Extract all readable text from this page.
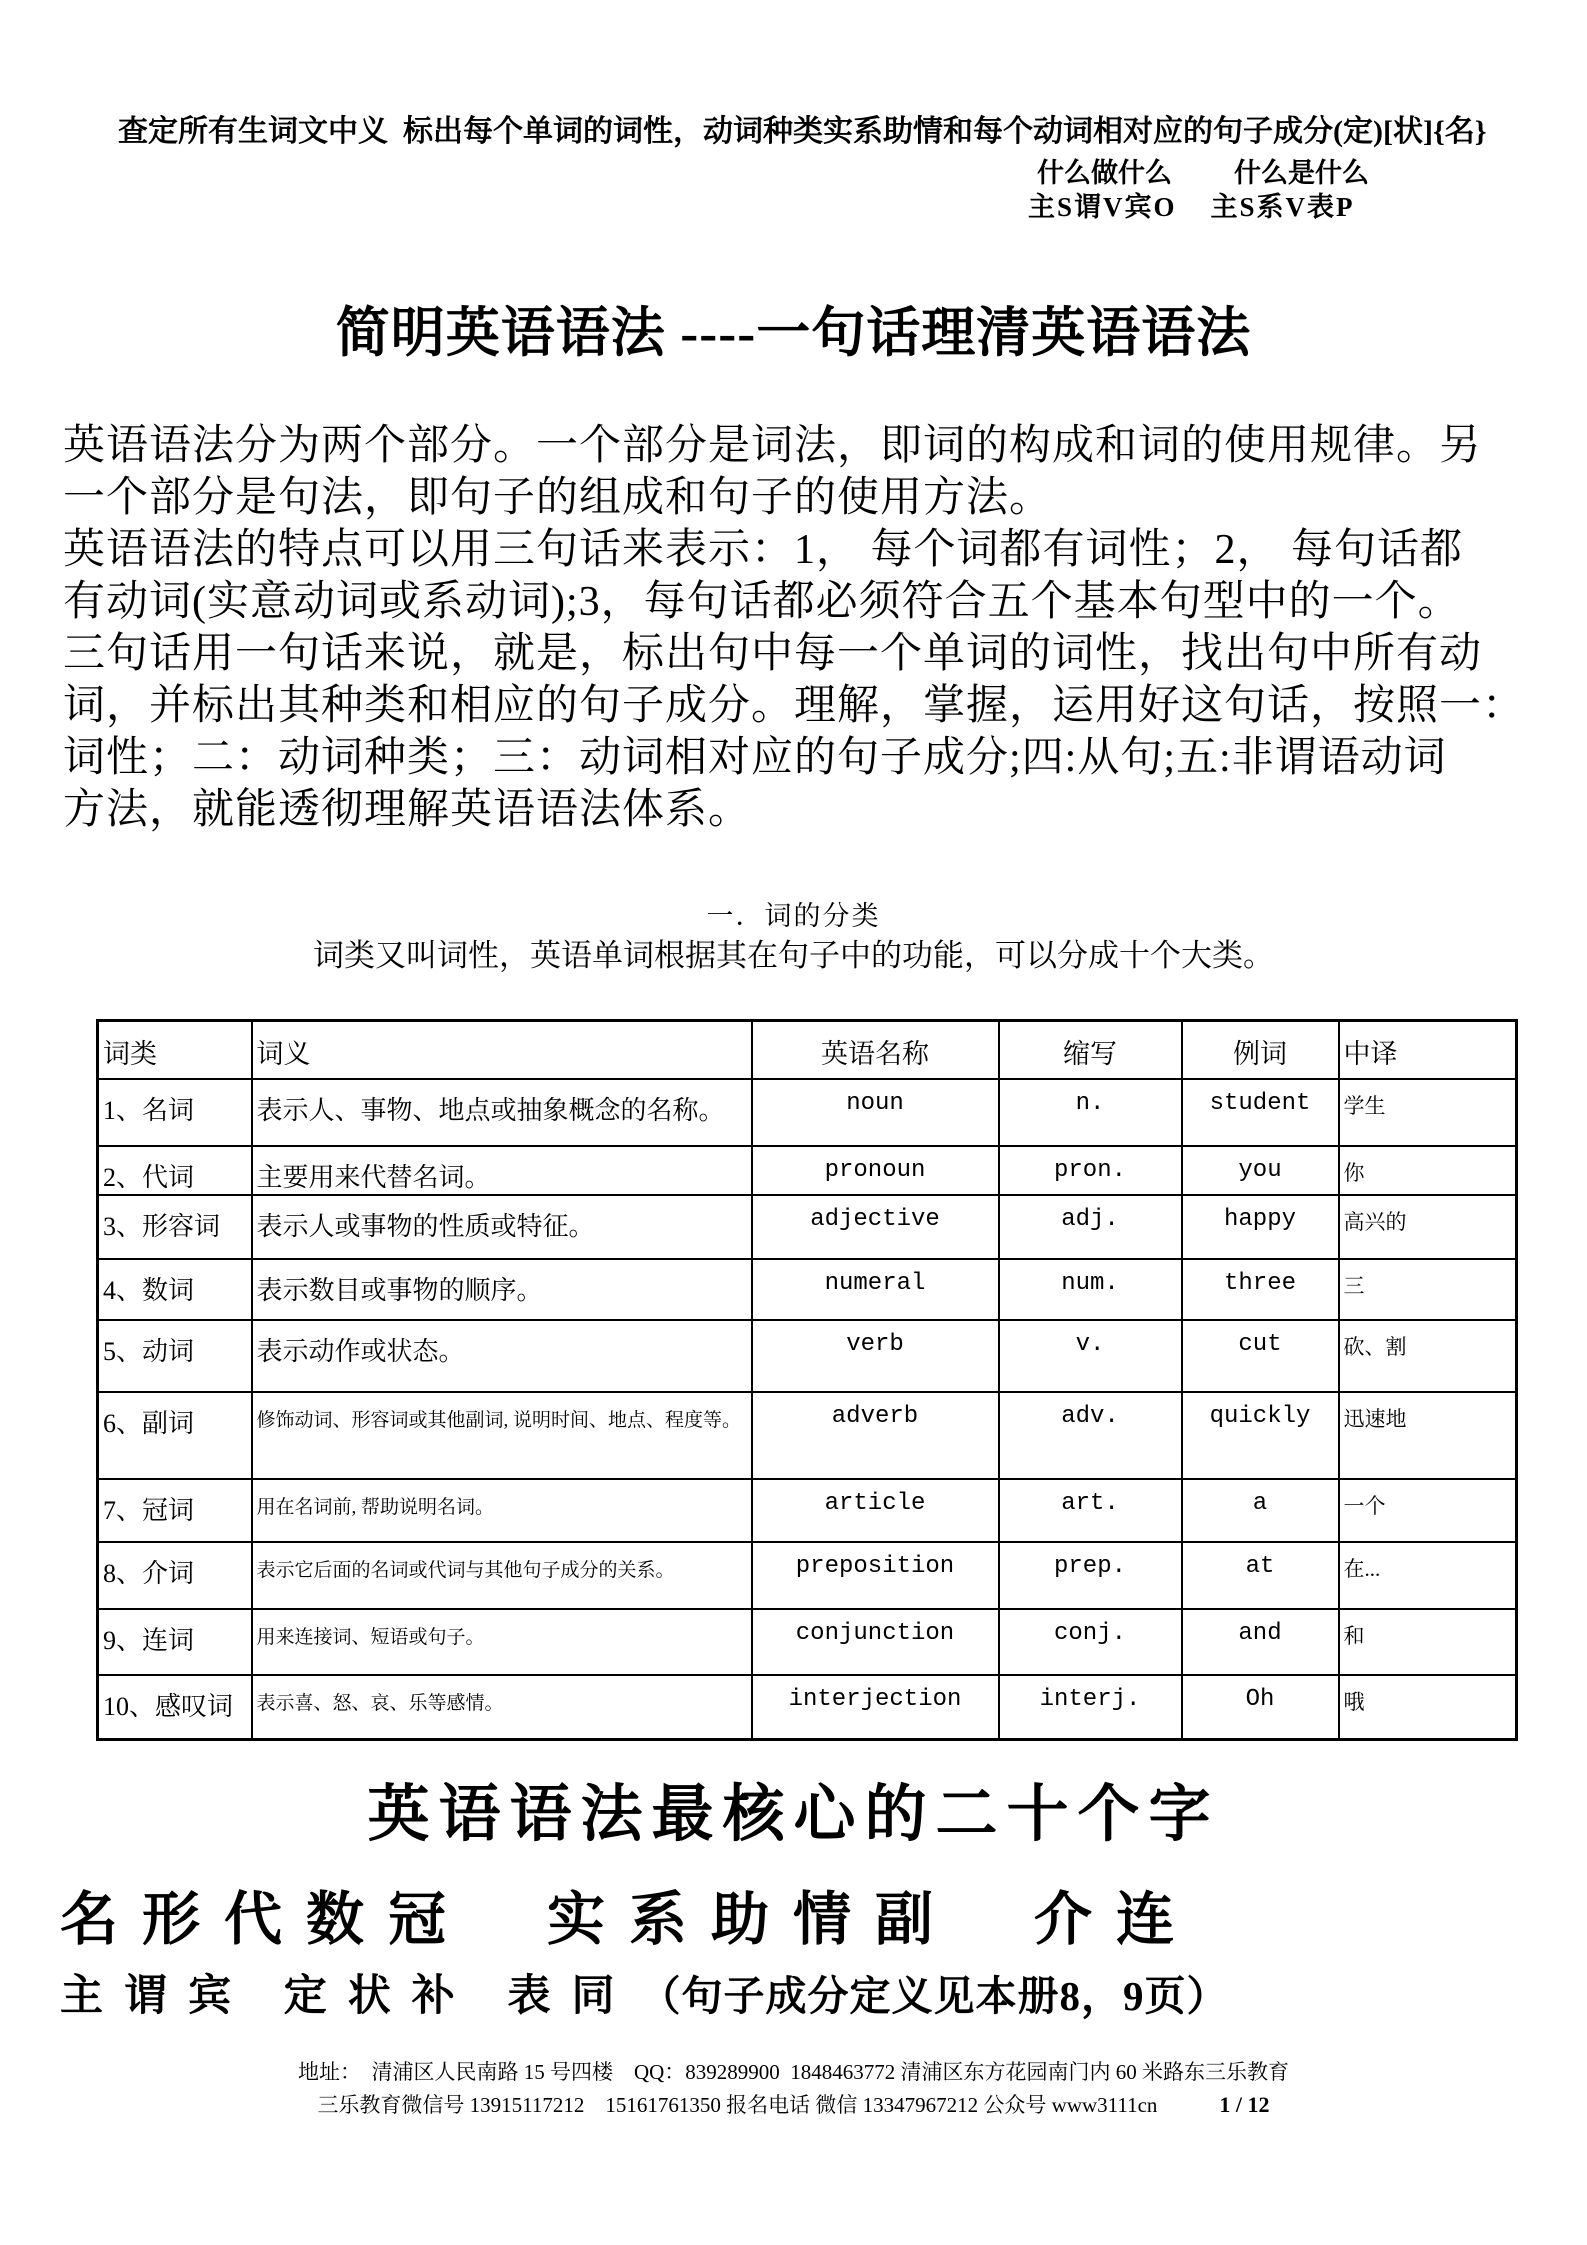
查定所有生词文中义  标出每个单词的词性，动词种类实系助情和每个动词相对应的句子成分(定)[状]{名}
什么做什么 什么是什么
主S谓V宾O 主S系V表P
简明英语语法 ----一句话理清英语语法
英语语法分为两个部分。一个部分是词法，即词的构成和词的使用规律。另
一个部分是句法，即句子的组成和句子的使用方法。
英语语法的特点可以用三句话来表示：1， 每个词都有词性；2， 每句话都
有动词(实意动词或系动词);3，每句话都必须符合五个基本句型中的一个。
三句话用一句话来说，就是，标出句中每一个单词的词性，找出句中所有动
词，并标出其种类和相应的句子成分。理解，掌握，运用好这句话，按照一：
词性；二：动词种类；三：动词相对应的句子成分;四:从句;五:非谓语动词
方法，就能透彻理解英语语法体系。
一．词的分类
词类又叫词性，英语单词根据其在句子中的功能，可以分成十个大类。
词类	词义	英语名称	缩写	例词	中译
1、名词	表示人、事物、地点或抽象概念的名称。	noun	n.	student	学生
2、代词	主要用来代替名词。	pronoun	pron.	you	你
3、形容词	表示人或事物的性质或特征。	adjective	adj.	happy	高兴的
4、数词	表示数目或事物的顺序。	numeral	num.	three	三
5、动词	表示动作或状态。	verb	v.	cut	砍、割
6、副词	修饰动词、形容词或其他副词, 说明时间、地点、程度等。	adverb	adv.	quickly	迅速地
7、冠词	用在名词前, 帮助说明名词。	article	art.	a	一个
8、介词	表示它后面的名词或代词与其他句子成分的关系。	preposition	prep.	at	在...
9、连词	用来连接词、短语或句子。	conjunction	conj.	and	和
10、感叹词	表示喜、怒、哀、乐等感情。	interjection	interj.	Oh	哦
英语语法最核心的二十个字
名形代数冠  实系助情副  介连
主谓宾 定状补 表同 （句子成分定义见本册8，9页）
地址：  清浦区人民南路 15 号四楼    QQ：839289900  1848463772 清浦区东方花园南门内 60 米路东三乐教育
三乐教育微信号 13915117212    15161761350 报名电话 微信 13347967212 公众号 www3111cn	1 / 12
